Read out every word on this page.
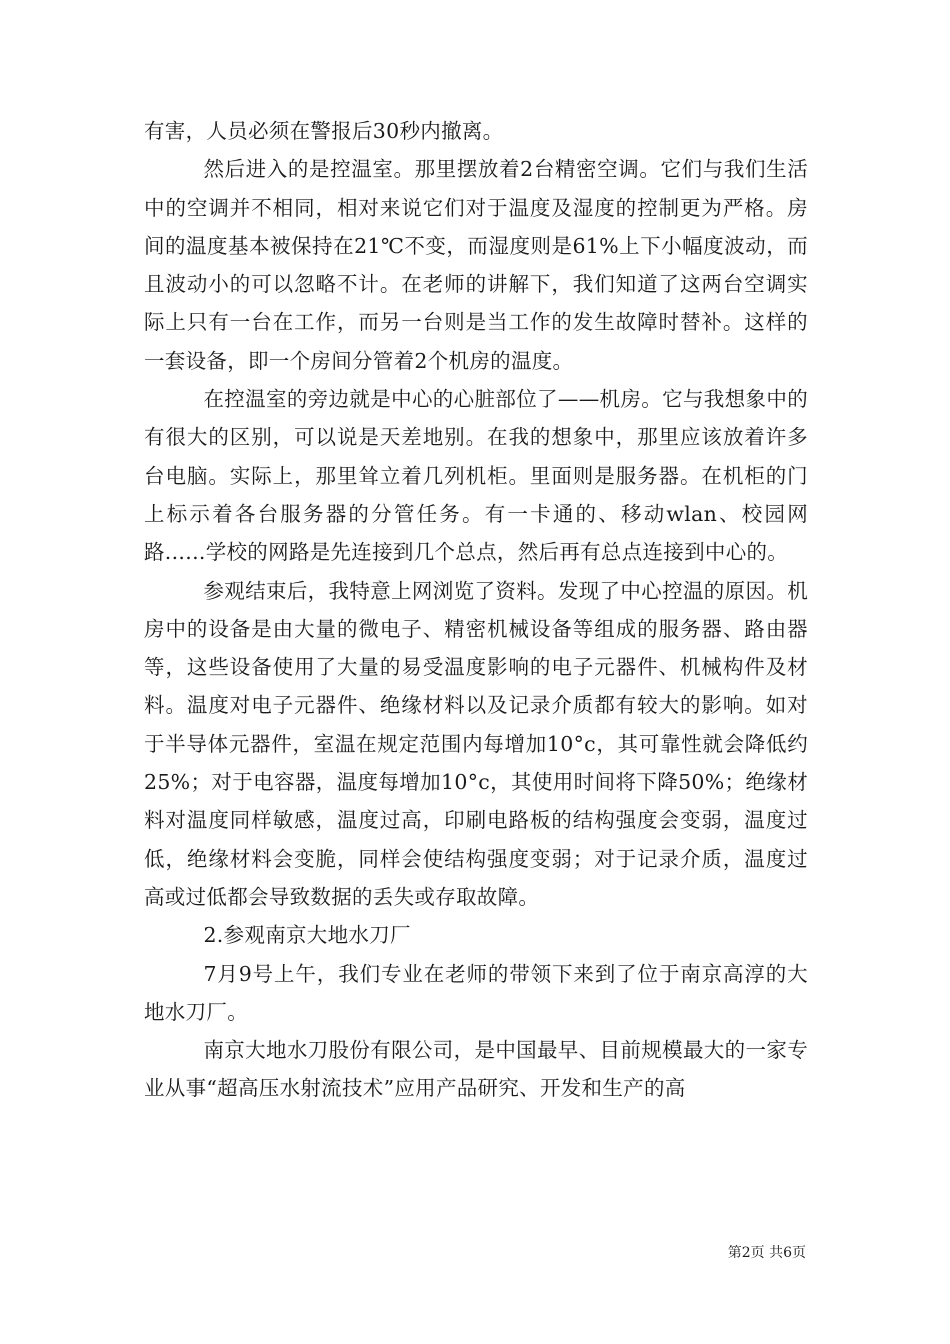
有害，人员必须在警报后30秒内撤离。

然后进入的是控温室。那里摆放着2台精密空调。它们与我们生活中的空调并不相同，相对来说它们对于温度及湿度的控制更为严格。房间的温度基本被保持在21℃不变，而湿度则是61%上下小幅度波动，而且波动小的可以忽略不计。在老师的讲解下，我们知道了这两台空调实际上只有一台在工作，而另一台则是当工作的发生故障时替补。这样的一套设备，即一个房间分管着2个机房的温度。

在控温室的旁边就是中心的心脏部位了——机房。它与我想象中的有很大的区别，可以说是天差地别。在我的想象中，那里应该放着许多台电脑。实际上，那里耸立着几列机柜。里面则是服务器。在机柜的门上标示着各台服务器的分管任务。有一卡通的、移动wlan、校园网路......学校的网路是先连接到几个总点，然后再有总点连接到中心的。

参观结束后，我特意上网浏览了资料。发现了中心控温的原因。机房中的设备是由大量的微电子、精密机械设备等组成的服务器、路由器等，这些设备使用了大量的易受温度影响的电子元器件、机械构件及材料。温度对电子元器件、绝缘材料以及记录介质都有较大的影响。如对于半导体元器件，室温在规定范围内每增加10°c，其可靠性就会降低约25%；对于电容器，温度每增加10°c，其使用时间将下降50%；绝缘材料对温度同样敏感，温度过高，印刷电路板的结构强度会变弱，温度过低，绝缘材料会变脆，同样会使结构强度变弱；对于记录介质，温度过高或过低都会导致数据的丢失或存取故障。

2.参观南京大地水刀厂

7月9号上午，我们专业在老师的带领下来到了位于南京高淳的大地水刀厂。

南京大地水刀股份有限公司，是中国最早、目前规模最大的一家专业从事“超高压水射流技术”应用产品研究、开发和生产的高

第2页 共6页
